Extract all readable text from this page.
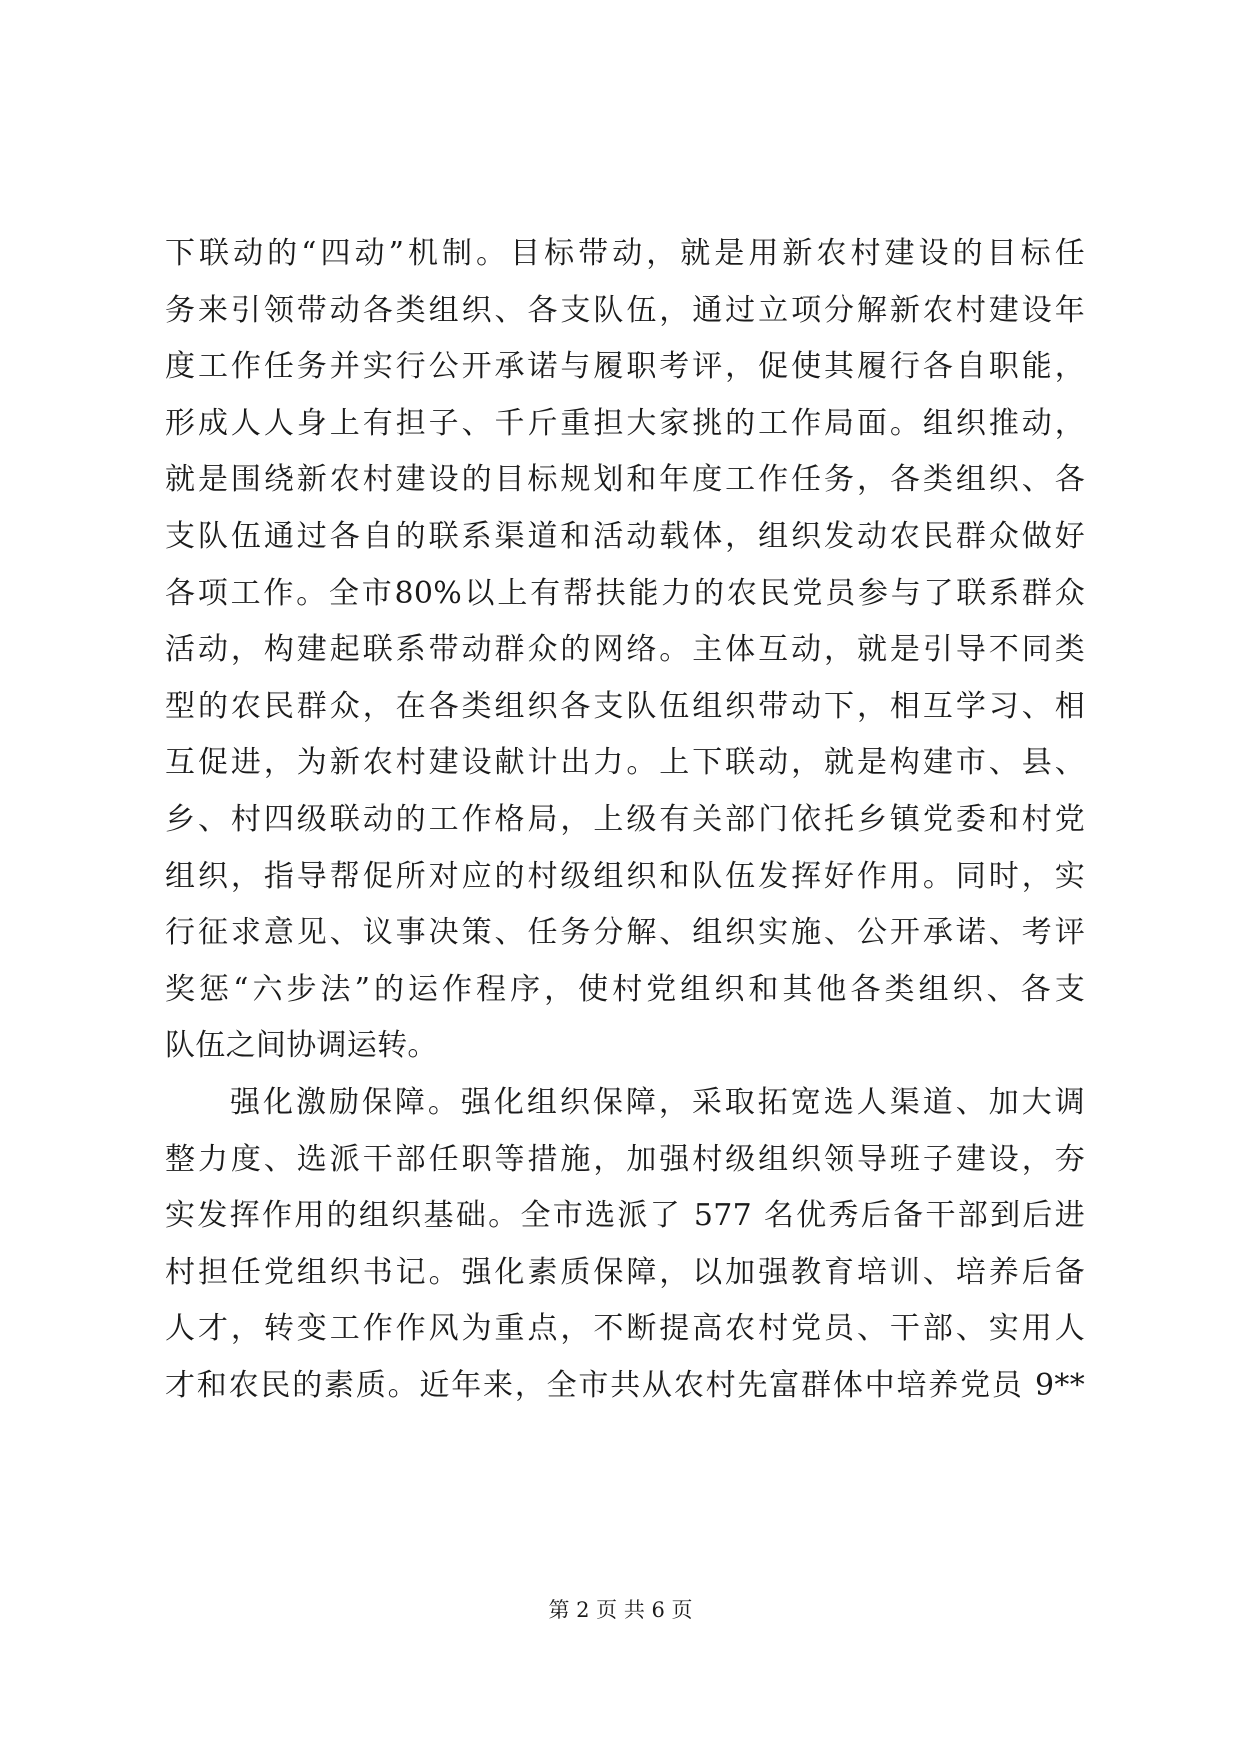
下联动的“四动”机制。目标带动，就是用新农村建设的目标任
务来引领带动各类组织、各支队伍，通过立项分解新农村建设年
度工作任务并实行公开承诺与履职考评，促使其履行各自职能，
形成人人身上有担子、千斤重担大家挑的工作局面。组织推动，
就是围绕新农村建设的目标规划和年度工作任务，各类组织、各
支队伍通过各自的联系渠道和活动载体，组织发动农民群众做好
各项工作。全市80%以上有帮扶能力的农民党员参与了联系群众
活动，构建起联系带动群众的网络。主体互动，就是引导不同类
型的农民群众，在各类组织各支队伍组织带动下，相互学习、相
互促进，为新农村建设献计出力。上下联动，就是构建市、县、
乡、村四级联动的工作格局，上级有关部门依托乡镇党委和村党
组织，指导帮促所对应的村级组织和队伍发挥好作用。同时，实
行征求意见、议事决策、任务分解、组织实施、公开承诺、考评
奖惩“六步法”的运作程序，使村党组织和其他各类组织、各支
队伍之间协调运转。
强化激励保障。强化组织保障，采取拓宽选人渠道、加大调
整力度、选派干部任职等措施，加强村级组织领导班子建设，夯
实发挥作用的组织基础。全市选派了 577 名优秀后备干部到后进
村担任党组织书记。强化素质保障，以加强教育培训、培养后备
人才，转变工作作风为重点，不断提高农村党员、干部、实用人
才和农民的素质。近年来，全市共从农村先富群体中培养党员 9**
第 2 页 共 6 页
